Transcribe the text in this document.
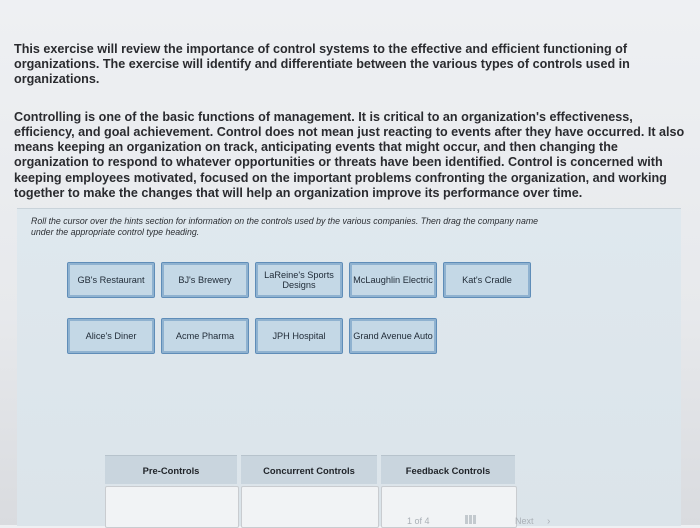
This exercise will review the importance of control systems to the effective and efficient functioning of organizations. The exercise will identify and differentiate between the various types of controls used in organizations.

Controlling is one of the basic functions of management. It is critical to an organization's effectiveness, efficiency, and goal achievement. Control does not mean just reacting to events after they have occurred. It also means keeping an organization on track, anticipating events that might occur, and then changing the organization to respond to whatever opportunities or threats have been identified. Control is concerned with keeping employees motivated, focused on the important problems confronting the organization, and working together to make the changes that will help an organization improve its performance over time.

Roll the cursor over the hints section for information on the controls used by the various companies. Then drag the company name under the appropriate control type heading.
GB's Restaurant	BJ's Brewery
LaReine's Sports Designs
McLaughlin Electric	Kat's Cradle
Alice's Diner	Acme Pharma	JPH Hospital	Grand Avenue Auto
Pre-Controls	Concurrent Controls	Feedback Controls
1 of 4	Next ›
